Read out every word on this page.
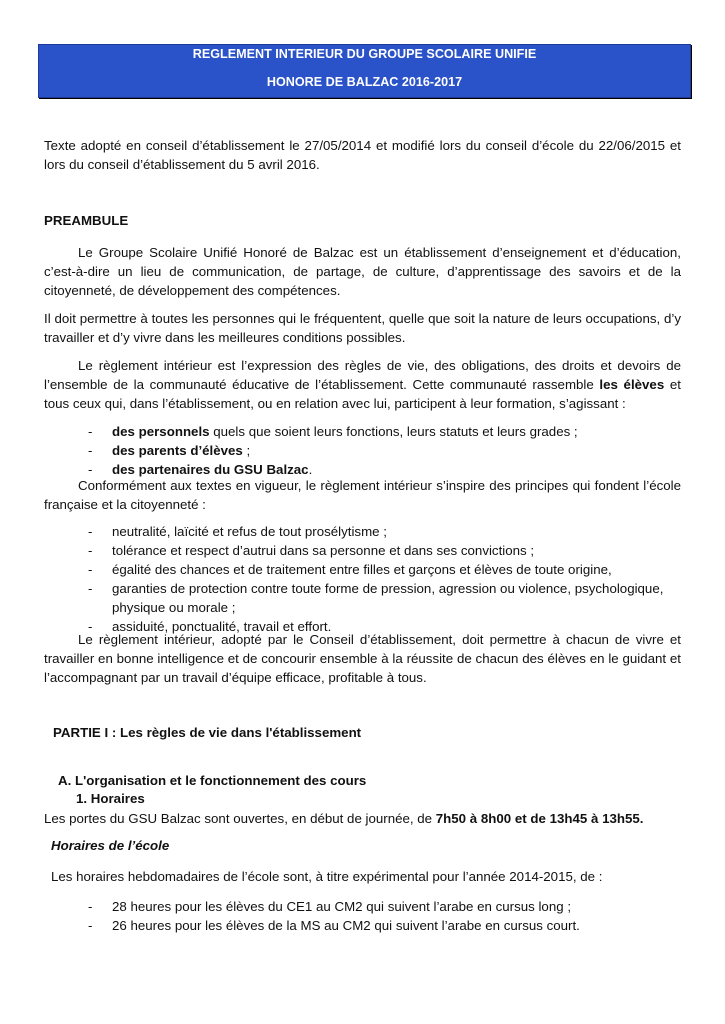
REGLEMENT INTERIEUR DU GROUPE SCOLAIRE UNIFIE
HONORE DE BALZAC 2016-2017
Texte adopté en conseil d’établissement le 27/05/2014 et modifié lors du conseil d’école du 22/06/2015 et lors du conseil d’établissement du 5 avril 2016.
PREAMBULE
Le Groupe Scolaire Unifié Honoré de Balzac est un établissement d’enseignement et d’éducation, c’est-à-dire un lieu de communication, de partage, de culture, d’apprentissage des savoirs et de la citoyenneté, de développement des compétences.
Il doit permettre à toutes les personnes qui le fréquentent, quelle que soit la nature de leurs occupations, d’y travailler et d’y vivre dans les meilleures conditions possibles.
Le règlement intérieur est l’expression des règles de vie, des obligations, des droits et devoirs de l’ensemble de la communauté éducative de l’établissement. Cette communauté rassemble les élèves et tous ceux qui, dans l’établissement, ou en relation avec lui, participent à leur formation, s’agissant :
- des personnels quels que soient leurs fonctions, leurs statuts et leurs grades ;
- des parents d’élèves ;
- des partenaires du GSU Balzac.
Conformément aux textes en vigueur, le règlement intérieur s’inspire des principes qui fondent l’école française et la citoyenneté :
- neutralité, laïcité et refus de tout prosélytisme ;
- tolérance et respect d’autrui dans sa personne et dans ses convictions ;
- égalité des chances et de traitement entre filles et garçons et élèves de toute origine,
- garanties de protection contre toute forme de pression, agression ou violence, psychologique, physique ou morale ;
- assiduité, ponctualité, travail et effort.
Le règlement intérieur, adopté par le Conseil d’établissement, doit permettre à chacun de vivre et travailler en bonne intelligence et de concourir ensemble à la réussite de chacun des élèves en le guidant et l’accompagnant par un travail d’équipe efficace, profitable à tous.
PARTIE I : Les règles de vie dans l'établissement
A. L'organisation et le fonctionnement des cours
1. Horaires
Les portes du GSU Balzac sont ouvertes, en début de journée, de 7h50 à 8h00 et de 13h45 à 13h55.
Horaires de l’école
Les horaires hebdomadaires de l’école sont, à titre expérimental pour l’année 2014-2015, de :
- 28 heures pour les élèves du CE1 au CM2 qui suivent l’arabe en cursus long ;
- 26 heures pour les élèves de la MS au CM2 qui suivent l’arabe en cursus court.
